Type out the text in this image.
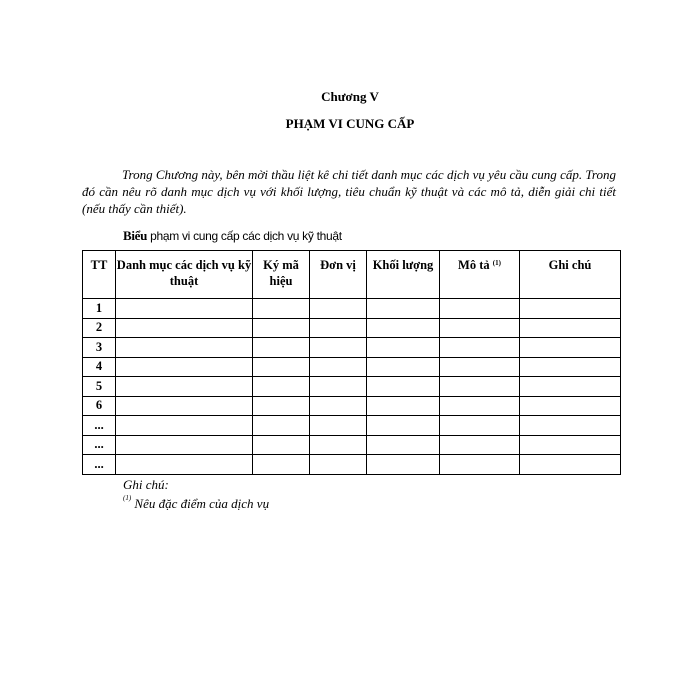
Chương V
PHẠM VI CUNG CẤP

Trong Chương này, bên mời thầu liệt kê chi tiết danh mục các dịch vụ yêu cầu cung cấp. Trong đó cần nêu rõ danh mục dịch vụ với khối lượng, tiêu chuẩn kỹ thuật và các mô tả, diễn giải chi tiết (nếu thấy cần thiết).

Biểu phạm vi cung cấp các dịch vụ kỹ thuật
TT	Danh mục các dịch vụ kỹ thuật	Ký mã hiệu	Đơn vị	Khối lượng	Mô tả $^{(1)}$	Ghi chú
1						
2						
3						
4						
5						
6						
...						
...						
...						
Ghi chú:
$^{(1)}$ Nêu đặc điểm của dịch vụ
